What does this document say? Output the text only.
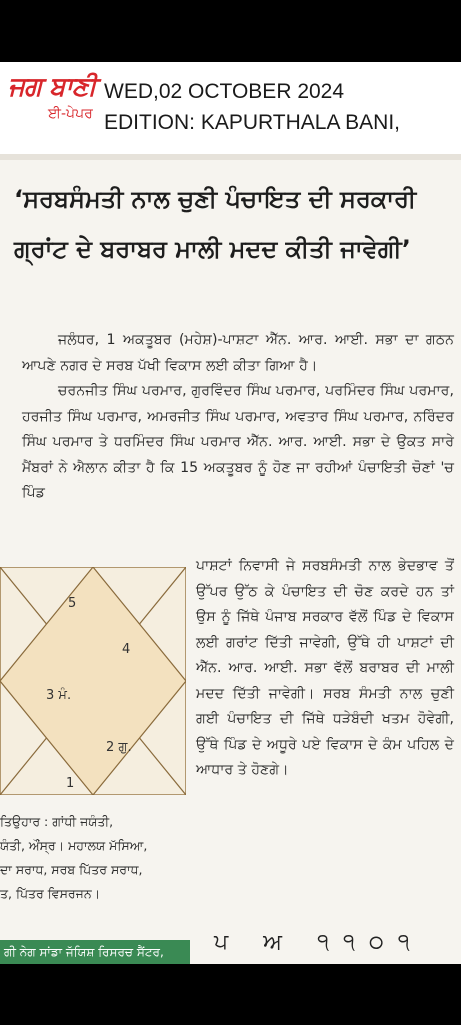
ਜਗ ਬਾਣੀ
ਈ-ਪੇਪਰ
WED,02 OCTOBER 2024
EDITION: KAPURTHALA BANI,
‘ਸਰਬਸੰਮਤੀ ਨਾਲ ਚੁਣੀ ਪੰਚਾਇਤ ਦੀ ਸਰਕਾਰੀ
ਗ੍ਰਾਂਟ ਦੇ ਬਰਾਬਰ ਮਾਲੀ ਮਦਦ ਕੀਤੀ ਜਾਵੇਗੀ’

ਜਲੰਧਰ, 1 ਅਕਤੂਬਰ (ਮਹੇਸ਼)-ਪਾਸ਼ਟਾ ਐੱਨ. ਆਰ. ਆਈ. ਸਭਾ ਦਾ ਗਠਨ ਆਪਣੇ ਨਗਰ ਦੇ ਸਰਬ ਪੱਖੀ ਵਿਕਾਸ ਲਈ ਕੀਤਾ ਗਿਆ ਹੈ।

ਚਰਨਜੀਤ ਸਿੰਘ ਪਰਮਾਰ, ਗੁਰਵਿੰਦਰ ਸਿੰਘ ਪਰਮਾਰ, ਪਰਮਿੰਦਰ ਸਿੰਘ ਪਰਮਾਰ, ਹਰਜੀਤ ਸਿੰਘ ਪਰਮਾਰ, ਅਮਰਜੀਤ ਸਿੰਘ ਪਰਮਾਰ, ਅਵਤਾਰ ਸਿੰਘ ਪਰਮਾਰ, ਨਰਿੰਦਰ ਸਿੰਘ ਪਰਮਾਰ ਤੇ ਧਰਮਿੰਦਰ ਸਿੰਘ ਪਰਮਾਰ ਐੱਨ. ਆਰ. ਆਈ. ਸਭਾ ਦੇ ਉਕਤ ਸਾਰੇ ਮੈਂਬਰਾਂ ਨੇ ਐਲਾਨ ਕੀਤਾ ਹੈ ਕਿ 15 ਅਕਤੂਬਰ ਨੂੰ ਹੋਣ ਜਾ ਰਹੀਆਂ ਪੰਚਾਇਤੀ ਚੋਣਾਂ 'ਚ ਪਿੰਡ

ਪਾਸ਼ਟਾਂ ਨਿਵਾਸੀ ਜੇ ਸਰਬਸੰਮਤੀ ਨਾਲ ਭੇਦਭਾਵ ਤੋਂ ਉੱਪਰ ਉੱਠ ਕੇ ਪੰਚਾਇਤ ਦੀ ਚੋਣ ਕਰਦੇ ਹਨ ਤਾਂ ਉਸ ਨੂੰ ਜਿੱਥੇ ਪੰਜਾਬ ਸਰਕਾਰ ਵੱਲੋਂ ਪਿੰਡ ਦੇ ਵਿਕਾਸ ਲਈ ਗਰਾਂਟ ਦਿੱਤੀ ਜਾਵੇਗੀ, ਉੱਥੇ ਹੀ ਪਾਸ਼ਟਾਂ ਦੀ ਐੱਨ. ਆਰ. ਆਈ. ਸਭਾ ਵੱਲੋਂ ਬਰਾਬਰ ਦੀ ਮਾਲੀ ਮਦਦ ਦਿੱਤੀ ਜਾਵੇਗੀ। ਸਰਬ ਸੰਮਤੀ ਨਾਲ ਚੁਣੀ ਗਈ ਪੰਚਾਇਤ ਦੀ ਜਿੱਥੇ ਧੜੇਬੰਦੀ ਖਤਮ ਹੋਵੇਗੀ, ਉੱਥੇ ਪਿੰਡ ਦੇ ਅਧੂਰੇ ਪਏ ਵਿਕਾਸ ਦੇ ਕੰਮ ਪਹਿਲ ਦੇ ਆਧਾਰ ਤੇ ਹੋਣਗੇ।
5
4
3 ਮੰ.
2 ਗੁ.
1
ਤਿਉਹਾਰ : ਗਾਂਧੀ ਜਯੰਤੀ,
ਯੰਤੀ, ਔਂਸ੍ਰ। ਮਹਾਲਯ ਮੱਸਿਆ,
ਦਾ ਸਰਾਧ, ਸਰਬ ਪਿੱਤਰ ਸਰਾਧ,
ਤ, ਪਿੱਤਰ ਵਿਸਰਜਨ।
ਗੀ ਨੇਗ ਸਾਂਡਾ ਜੱਯਿਸ਼ ਰਿਸਰਚ ਸੈਂਟਰ,	ਪ ਅ ੧੧੦੧
